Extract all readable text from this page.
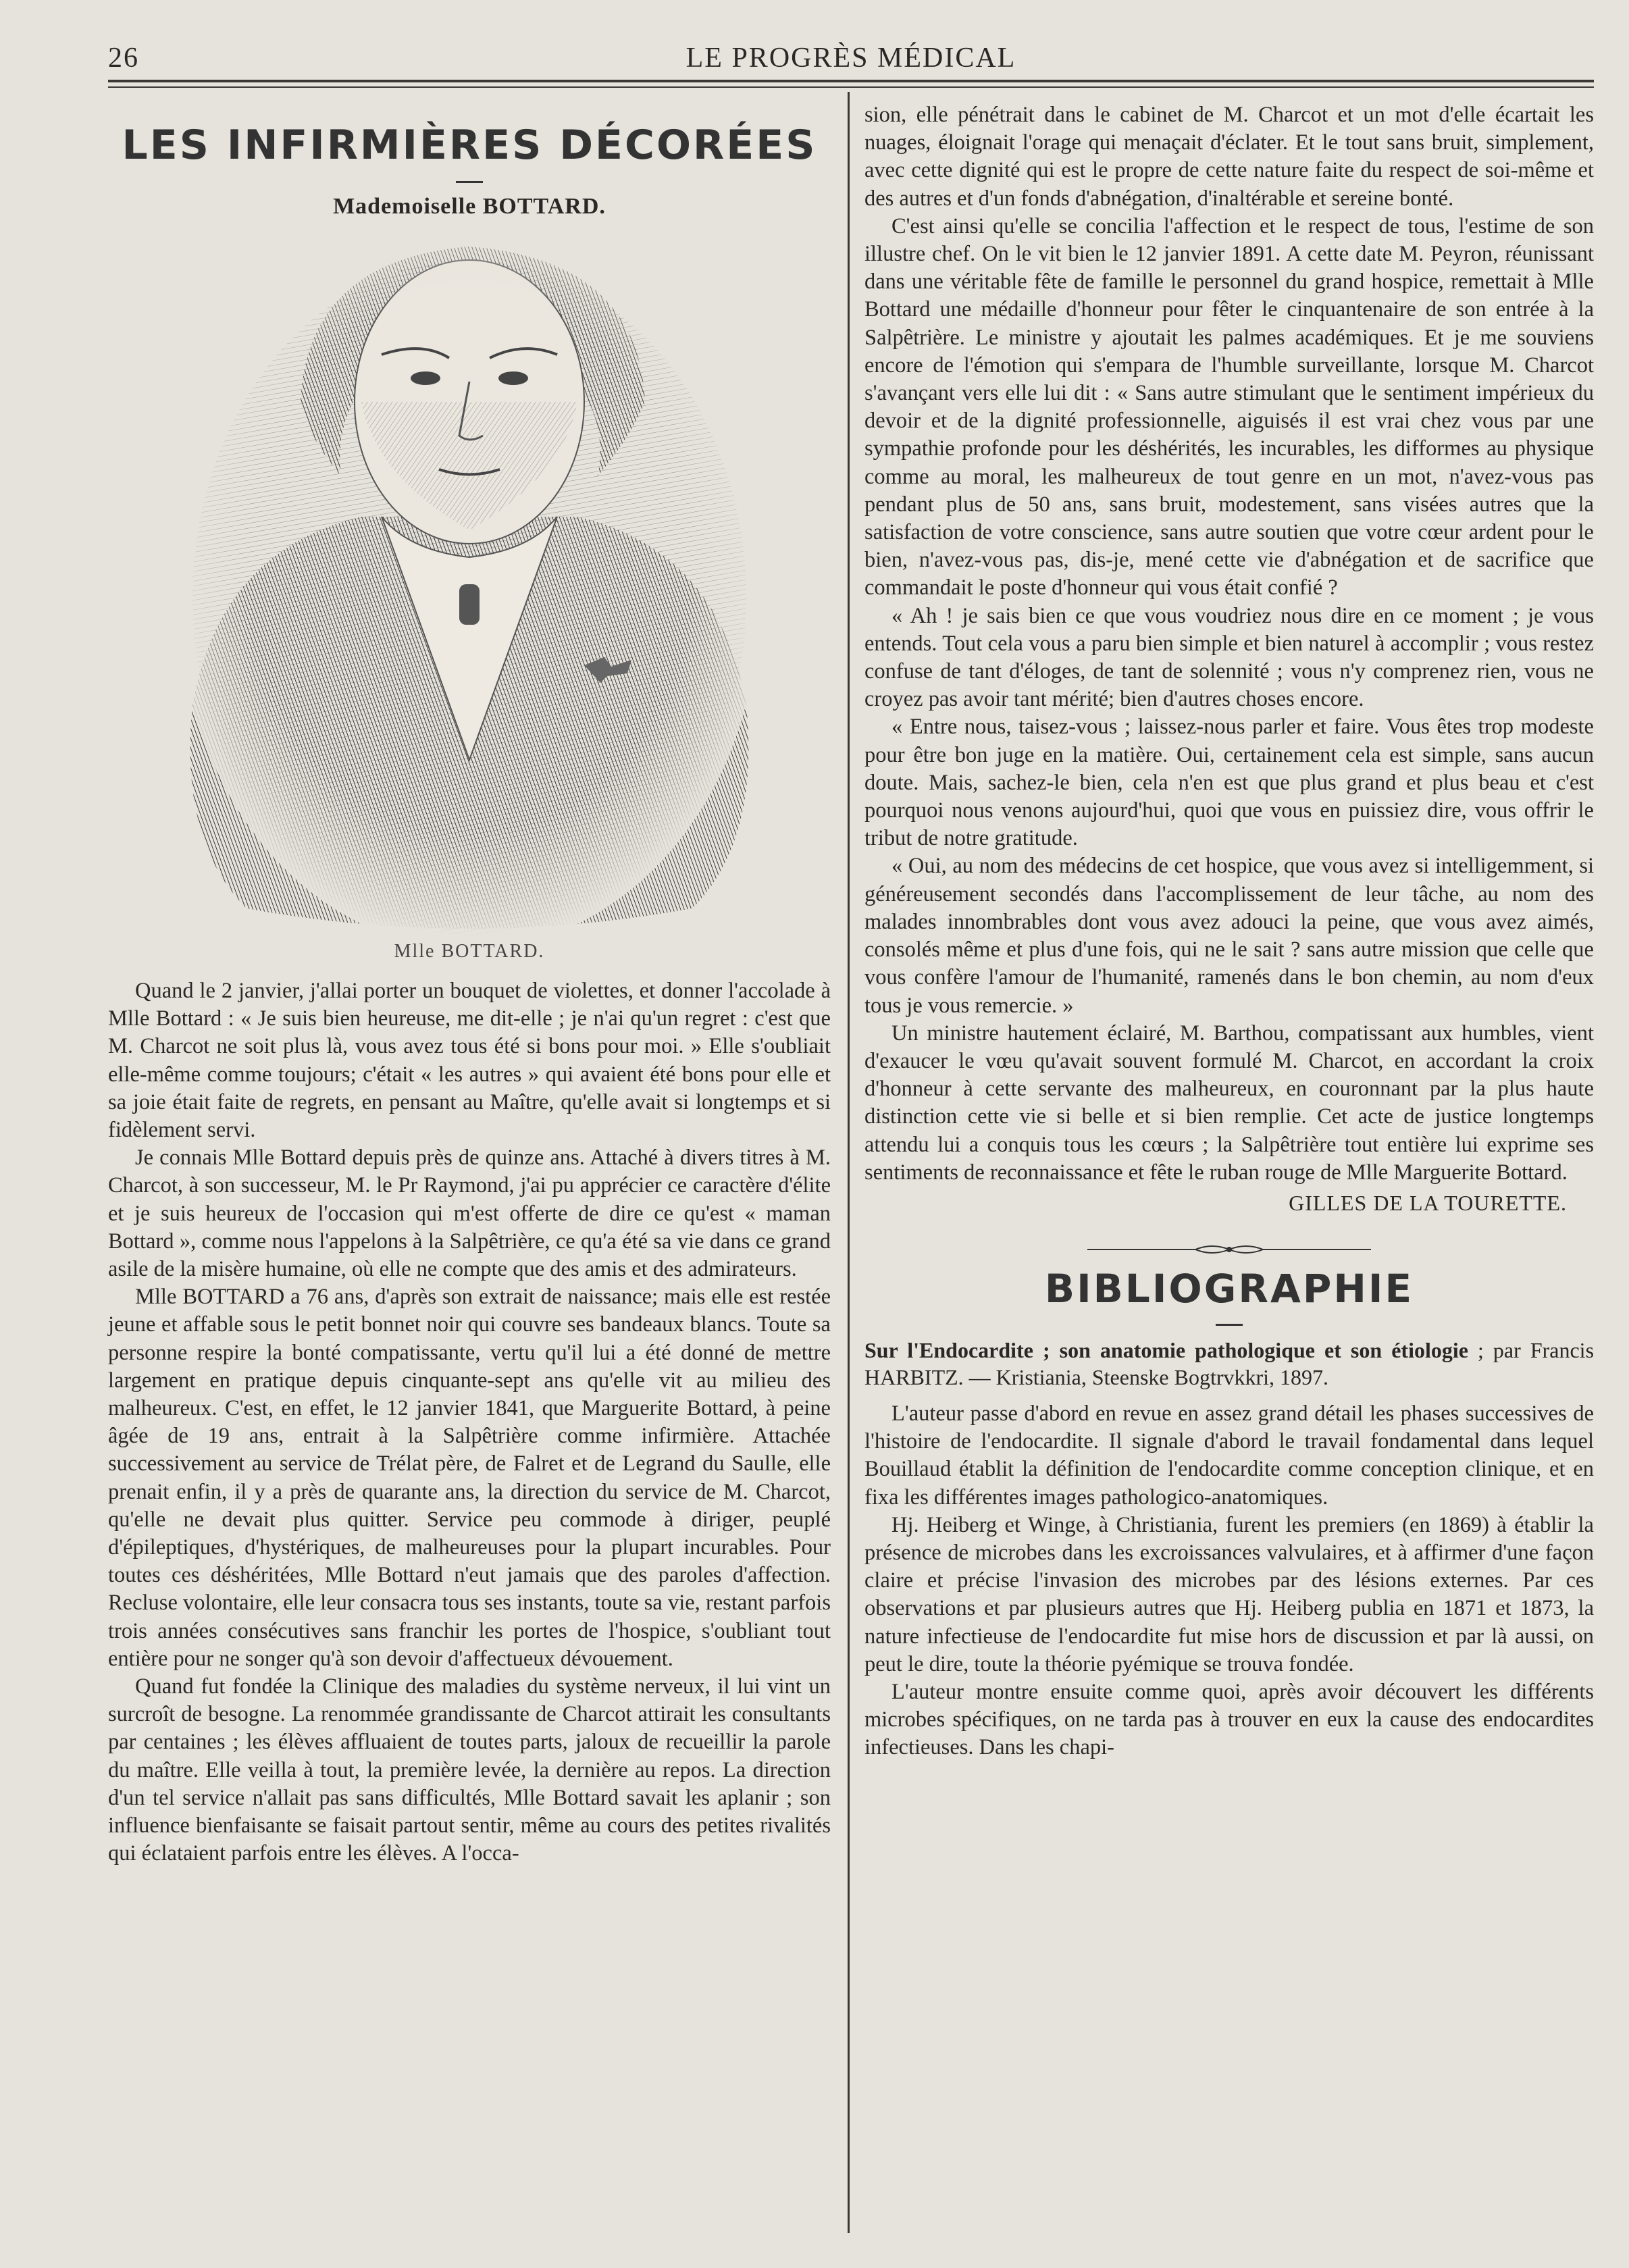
26	LE PROGRÈS MÉDICAL
LES INFIRMIÈRES DÉCORÉES
Mademoiselle BOTTARD.
Mlle BOTTARD.

Quand le 2 janvier, j'allai porter un bouquet de violettes, et donner l'accolade à Mlle Bottard : « Je suis bien heureuse, me dit-elle ; je n'ai qu'un regret : c'est que M. Charcot ne soit plus là, vous avez tous été si bons pour moi. » Elle s'oubliait elle-même comme toujours; c'était « les autres » qui avaient été bons pour elle et sa joie était faite de regrets, en pensant au Maître, qu'elle avait si longtemps et si fidèlement servi.

Je connais Mlle Bottard depuis près de quinze ans. Attaché à divers titres à M. Charcot, à son successeur, M. le Pr Raymond, j'ai pu apprécier ce caractère d'élite et je suis heureux de l'occasion qui m'est offerte de dire ce qu'est « maman Bottard », comme nous l'appelons à la Salpêtrière, ce qu'a été sa vie dans ce grand asile de la misère humaine, où elle ne compte que des amis et des admirateurs.

Mlle BOTTARD a 76 ans, d'après son extrait de naissance; mais elle est restée jeune et affable sous le petit bonnet noir qui couvre ses bandeaux blancs. Toute sa personne respire la bonté compatissante, vertu qu'il lui a été donné de mettre largement en pratique depuis cinquante-sept ans qu'elle vit au milieu des malheureux. C'est, en effet, le 12 janvier 1841, que Marguerite Bottard, à peine âgée de 19 ans, entrait à la Salpêtrière comme infirmière. Attachée successivement au service de Trélat père, de Falret et de Legrand du Saulle, elle prenait enfin, il y a près de quarante ans, la direction du service de M. Charcot, qu'elle ne devait plus quitter. Service peu commode à diriger, peuplé d'épileptiques, d'hystériques, de malheureuses pour la plupart incurables. Pour toutes ces déshéritées, Mlle Bottard n'eut jamais que des paroles d'affection. Recluse volontaire, elle leur consacra tous ses instants, toute sa vie, restant parfois trois années consécutives sans franchir les portes de l'hospice, s'oubliant tout entière pour ne songer qu'à son devoir d'affectueux dévouement.

Quand fut fondée la Clinique des maladies du système nerveux, il lui vint un surcroît de besogne. La renommée grandissante de Charcot attirait les consultants par centaines ; les élèves affluaient de toutes parts, jaloux de recueillir la parole du maître. Elle veilla à tout, la première levée, la dernière au repos. La direction d'un tel service n'allait pas sans difficultés, Mlle Bottard savait les aplanir ; son influence bienfaisante se faisait partout sentir, même au cours des petites rivalités qui éclataient parfois entre les élèves. A l'occa-

sion, elle pénétrait dans le cabinet de M. Charcot et un mot d'elle écartait les nuages, éloignait l'orage qui menaçait d'éclater. Et le tout sans bruit, simplement, avec cette dignité qui est le propre de cette nature faite du respect de soi-même et des autres et d'un fonds d'abnégation, d'inaltérable et sereine bonté.

C'est ainsi qu'elle se concilia l'affection et le respect de tous, l'estime de son illustre chef. On le vit bien le 12 janvier 1891. A cette date M. Peyron, réunissant dans une véritable fête de famille le personnel du grand hospice, remettait à Mlle Bottard une médaille d'honneur pour fêter le cinquantenaire de son entrée à la Salpêtrière. Le ministre y ajoutait les palmes académiques. Et je me souviens encore de l'émotion qui s'empara de l'humble surveillante, lorsque M. Charcot s'avançant vers elle lui dit : « Sans autre stimulant que le sentiment impérieux du devoir et de la dignité professionnelle, aiguisés il est vrai chez vous par une sympathie profonde pour les déshérités, les incurables, les difformes au physique comme au moral, les malheureux de tout genre en un mot, n'avez-vous pas pendant plus de 50 ans, sans bruit, modestement, sans visées autres que la satisfaction de votre conscience, sans autre soutien que votre cœur ardent pour le bien, n'avez-vous pas, dis-je, mené cette vie d'abnégation et de sacrifice que commandait le poste d'honneur qui vous était confié ?

« Ah ! je sais bien ce que vous voudriez nous dire en ce moment ; je vous entends. Tout cela vous a paru bien simple et bien naturel à accomplir ; vous restez confuse de tant d'éloges, de tant de solennité ; vous n'y comprenez rien, vous ne croyez pas avoir tant mérité; bien d'autres choses encore.

« Entre nous, taisez-vous ; laissez-nous parler et faire. Vous êtes trop modeste pour être bon juge en la matière. Oui, certainement cela est simple, sans aucun doute. Mais, sachez-le bien, cela n'en est que plus grand et plus beau et c'est pourquoi nous venons aujourd'hui, quoi que vous en puissiez dire, vous offrir le tribut de notre gratitude.

« Oui, au nom des médecins de cet hospice, que vous avez si intelligemment, si généreusement secondés dans l'accomplissement de leur tâche, au nom des malades innombrables dont vous avez adouci la peine, que vous avez aimés, consolés même et plus d'une fois, qui ne le sait ? sans autre mission que celle que vous confère l'amour de l'humanité, ramenés dans le bon chemin, au nom d'eux tous je vous remercie. »

Un ministre hautement éclairé, M. Barthou, compatissant aux humbles, vient d'exaucer le vœu qu'avait souvent formulé M. Charcot, en accordant la croix d'honneur à cette servante des malheureux, en couronnant par la plus haute distinction cette vie si belle et si bien remplie. Cet acte de justice longtemps attendu lui a conquis tous les cœurs ; la Salpêtrière tout entière lui exprime ses sentiments de reconnaissance et fête le ruban rouge de Mlle Marguerite Bottard.

GILLES DE LA TOURETTE.
BIBLIOGRAPHIE
Sur l'Endocardite ; son anatomie pathologique et son étiologie ; par Francis HARBITZ. — Kristiania, Steenske Bogtrvkkri, 1897.

L'auteur passe d'abord en revue en assez grand détail les phases successives de l'histoire de l'endocardite. Il signale d'abord le travail fondamental dans lequel Bouillaud établit la définition de l'endocardite comme conception clinique, et en fixa les différentes images pathologico-anatomiques.

Hj. Heiberg et Winge, à Christiania, furent les premiers (en 1869) à établir la présence de microbes dans les excroissances valvulaires, et à affirmer d'une façon claire et précise l'invasion des microbes par des lésions externes. Par ces observations et par plusieurs autres que Hj. Heiberg publia en 1871 et 1873, la nature infectieuse de l'endocardite fut mise hors de discussion et par là aussi, on peut le dire, toute la théorie pyémique se trouva fondée.

L'auteur montre ensuite comme quoi, après avoir découvert les différents microbes spécifiques, on ne tarda pas à trouver en eux la cause des endocardites infectieuses. Dans les chapi-
